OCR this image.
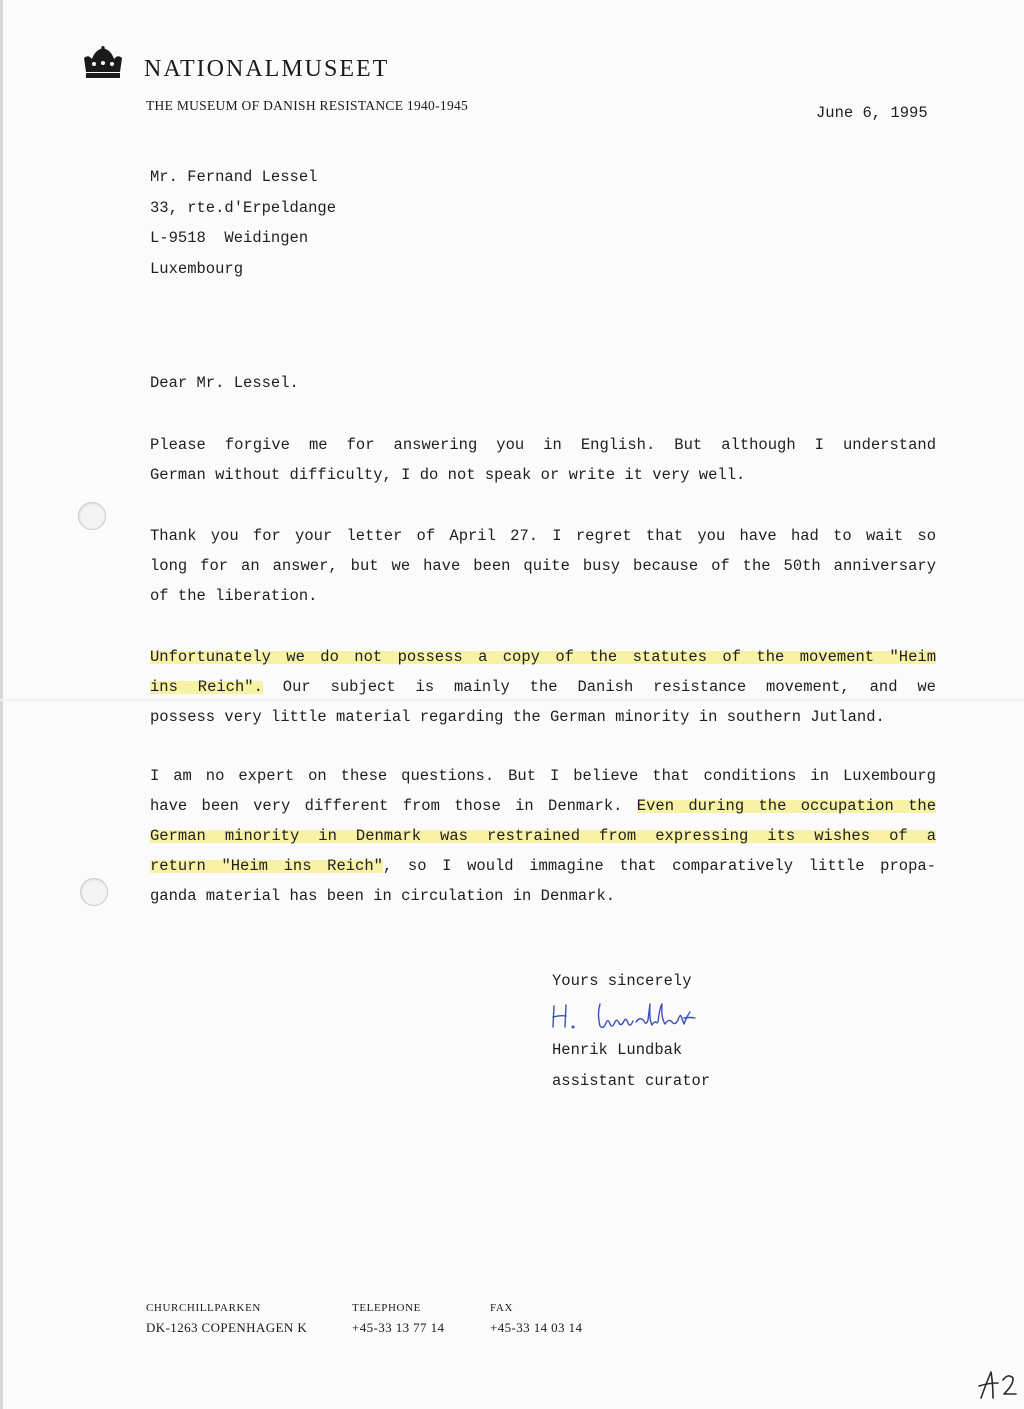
NATIONALMUSEET
THE MUSEUM OF DANISH RESISTANCE 1940-1945	June 6, 1995
Mr. Fernand Lessel
33, rte.d'Erpeldange
L-9518  Weidingen
Luxembourg
Dear Mr. Lessel.
Please forgive me for answering you in English. But although I understand
German without difficulty, I do not speak or write it very well.
Thank you for your letter of April 27. I regret that you have had to wait so
long for an answer, but we have been quite busy because of the 50th anniversary
of the liberation.
Unfortunately we do not possess a copy of the statutes of the movement "Heim
ins Reich". Our subject is mainly the Danish resistance movement, and we
possess very little material regarding the German minority in southern Jutland.
I am no expert on these questions. But I believe that conditions in Luxembourg
have been very different from those in Denmark. Even during the occupation the
German minority in Denmark was restrained from expressing its wishes of a
return "Heim ins Reich", so I would immagine that comparatively little propa-
ganda material has been in circulation in Denmark.
Yours sincerely
Henrik Lundbak
assistant curator
CHURCHILLPARKEN
DK-1263 COPENHAGEN K
TELEPHONE
+45-33 13 77 14
FAX
+45-33 14 03 14
